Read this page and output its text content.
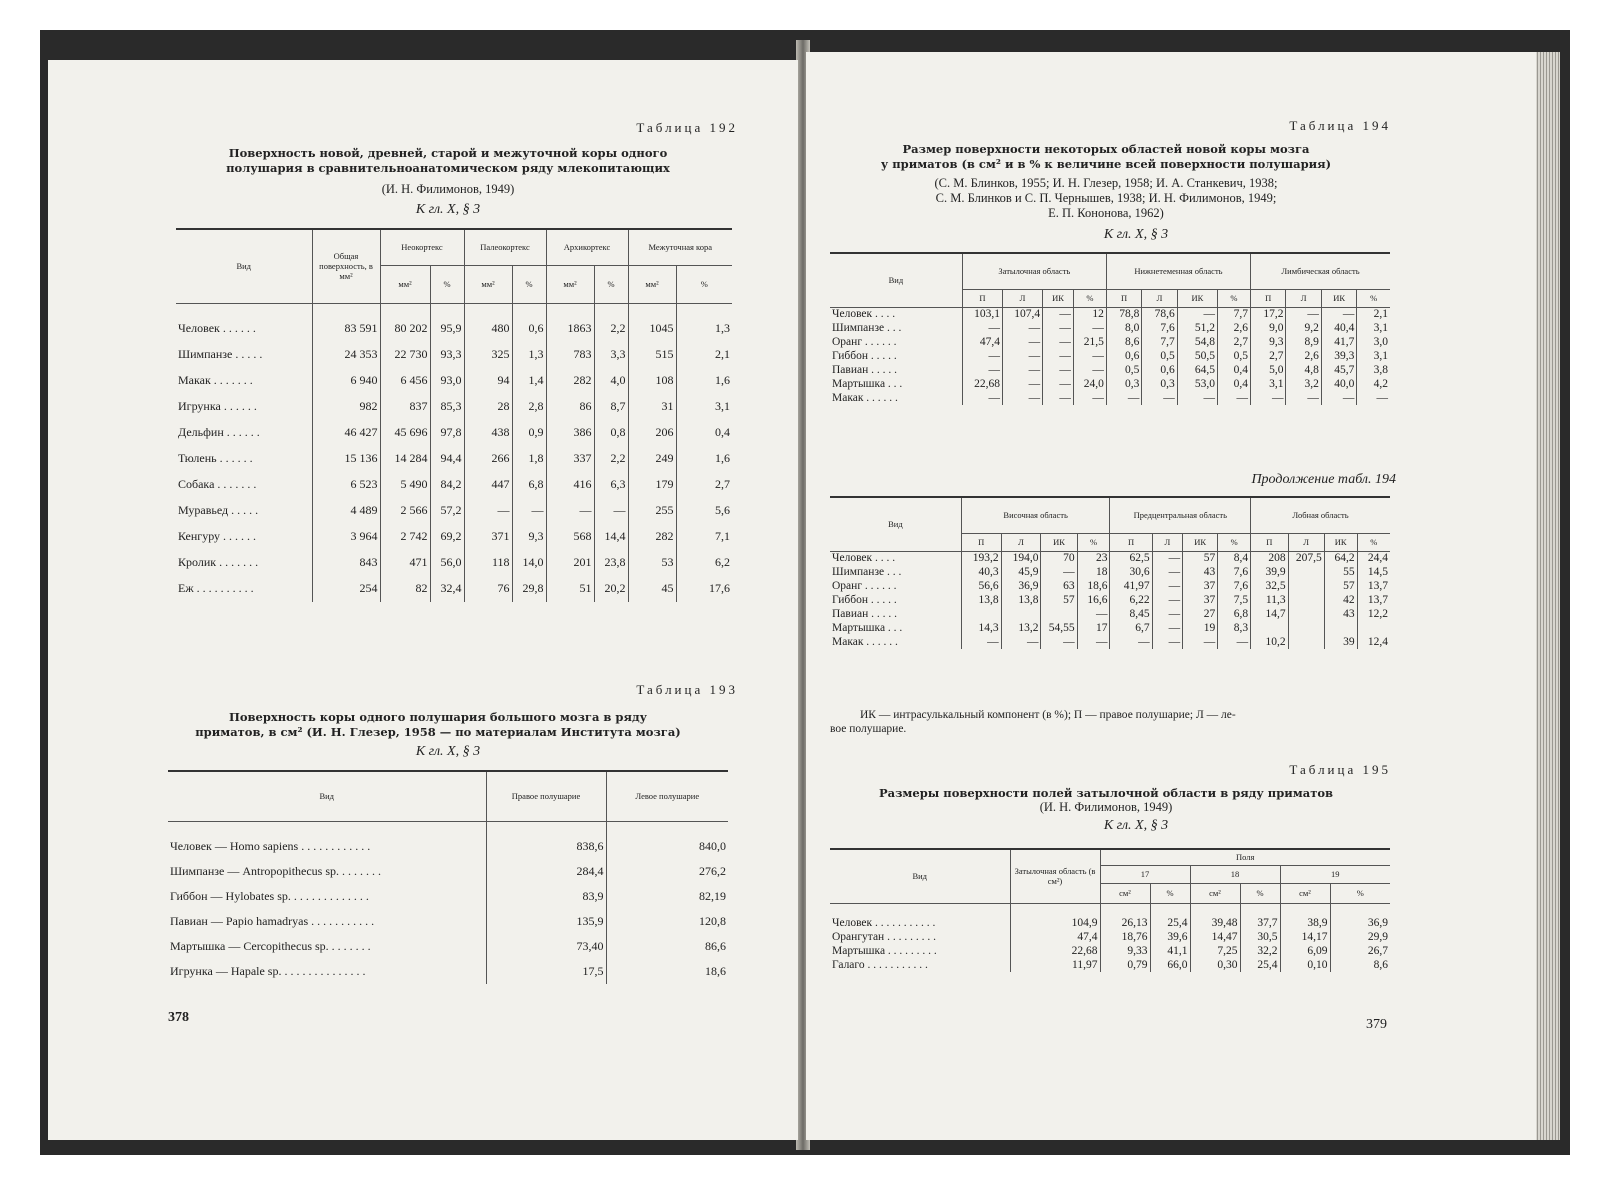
Таблица 192
Поверхность новой, древней, старой и межуточной коры одного
полушария в сравнительноанатомическом ряду млекопитающих
(И. Н. Филимонов, 1949)
К гл. X, § 3
Вид	Общая поверхность, в мм²	Неокортекс		Палеокортекс		Архикортекс		Межуточная кора	
		мм²	%	мм²	%	мм²	%	мм²	%

Человек . . . . . .	83 591	80 202	95,9	480	0,6	1863	2,2	1045	1,3
Шимпанзе . . . . .	24 353	22 730	93,3	325	1,3	783	3,3	515	2,1
Макак . . . . . . .	6 940	6 456	93,0	94	1,4	282	4,0	108	1,6
Игрунка . . . . . .	982	837	85,3	28	2,8	86	8,7	31	3,1
Дельфин . . . . . .	46 427	45 696	97,8	438	0,9	386	0,8	206	0,4
Тюлень . . . . . .	15 136	14 284	94,4	266	1,8	337	2,2	249	1,6
Собака . . . . . . .	6 523	5 490	84,2	447	6,8	416	6,3	179	2,7
Муравьед . . . . .	4 489	2 566	57,2	—	—	—	—	255	5,6
Кенгуру . . . . . .	3 964	2 742	69,2	371	9,3	568	14,4	282	7,1
Кролик . . . . . . .	843	471	56,0	118	14,0	201	23,8	53	6,2
Еж . . . . . . . . . .	254	82	32,4	76	29,8	51	20,2	45	17,6
Таблица 193
Поверхность коры одного полушария большого мозга в ряду
приматов, в см² (И. Н. Глезер, 1958 — по материалам Института мозга)
К гл. X, § 3
Вид	Правое полушарие	Левое полушарие

Человек — Homo sapiens . . . . . . . . . . . .	838,6	840,0
Шимпанзе — Antropopithecus sp. . . . . . . .	284,4	276,2
Гиббон — Hylobates sp. . . . . . . . . . . . . .	83,9	82,19
Павиан — Papio hamadryas . . . . . . . . . . .	135,9	120,8
Мартышка — Cercopithecus sp. . . . . . . .	73,40	86,6
Игрунка — Hapale sp. . . . . . . . . . . . . . .	17,5	18,6
378
Таблица 194
Размер поверхности некоторых областей новой коры мозга
у приматов (в см² и в % к величине всей поверхности полушария)
(С. М. Блинков, 1955; И. Н. Глезер, 1958; И. А. Станкевич, 1938;
С. М. Блинков и С. П. Чернышев, 1938; И. Н. Филимонов, 1949;
Е. П. Кононова, 1962)
К гл. X, § 3
Вид	Затылочная область				Нижнетеменная область				Лимбическая область			
	П	Л	ИК	%	П	Л	ИК	%	П	Л	ИК	%
Человек . . . .	103,1	107,4	—	12	78,8	78,6	—	7,7	17,2	—	—	2,1
Шимпанзе . . .	—	—	—	—	8,0	7,6	51,2	2,6	9,0	9,2	40,4	3,1
Оранг . . . . . .	47,4	—	—	21,5	8,6	7,7	54,8	2,7	9,3	8,9	41,7	3,0
Гиббон . . . . .	—	—	—	—	0,6	0,5	50,5	0,5	2,7	2,6	39,3	3,1
Павиан . . . . .	—	—	—	—	0,5	0,6	64,5	0,4	5,0	4,8	45,7	3,8
Мартышка . . .	22,68	—	—	24,0	0,3	0,3	53,0	0,4	3,1	3,2	40,0	4,2
Макак . . . . . .	—	—	—	—	—	—	—	—	—	—	—	—
Продолжение табл. 194
Вид	Височная область				Предцентральная область				Лобная область			
	П	Л	ИК	%	П	Л	ИК	%	П	Л	ИК	%
Человек . . . .	193,2	194,0	70	23	62,5	—	57	8,4	208	207,5	64,2	24,4
Шимпанзе . . .	40,3	45,9	—	18	30,6	—	43	7,6	39,9		55	14,5
Оранг . . . . . .	56,6	36,9	63	18,6	41,97	—	37	7,6	32,5		57	13,7
Гиббон . . . . .	13,8	13,8	57	16,6	6,22	—	37	7,5	11,3		42	13,7
Павиан . . . . .				—	8,45	—	27	6,8	14,7		43	12,2
Мартышка . . .	14,3	13,2	54,55	17	6,7	—	19	8,3				
Макак . . . . . .	—	—	—	—	—	—	—	—	10,2		39	12,4
ИК — интрасулькальный компонент (в %); П — правое полушарие; Л — ле-
вое полушарие.
Таблица 195
Размеры поверхности полей затылочной области в ряду приматов
(И. Н. Филимонов, 1949)
К гл. X, § 3
Вид	Затылочная область (в см²)	Поля					
		17		18		19	
		см²	%	см²	%	см²	%

Человек . . . . . . . . . . .	104,9	26,13	25,4	39,48	37,7	38,9	36,9
Орангутан . . . . . . . . .	47,4	18,76	39,6	14,47	30,5	14,17	29,9
Мартышка . . . . . . . . .	22,68	9,33	41,1	7,25	32,2	6,09	26,7
Галаго . . . . . . . . . . .	11,97	0,79	66,0	0,30	25,4	0,10	8,6
379
